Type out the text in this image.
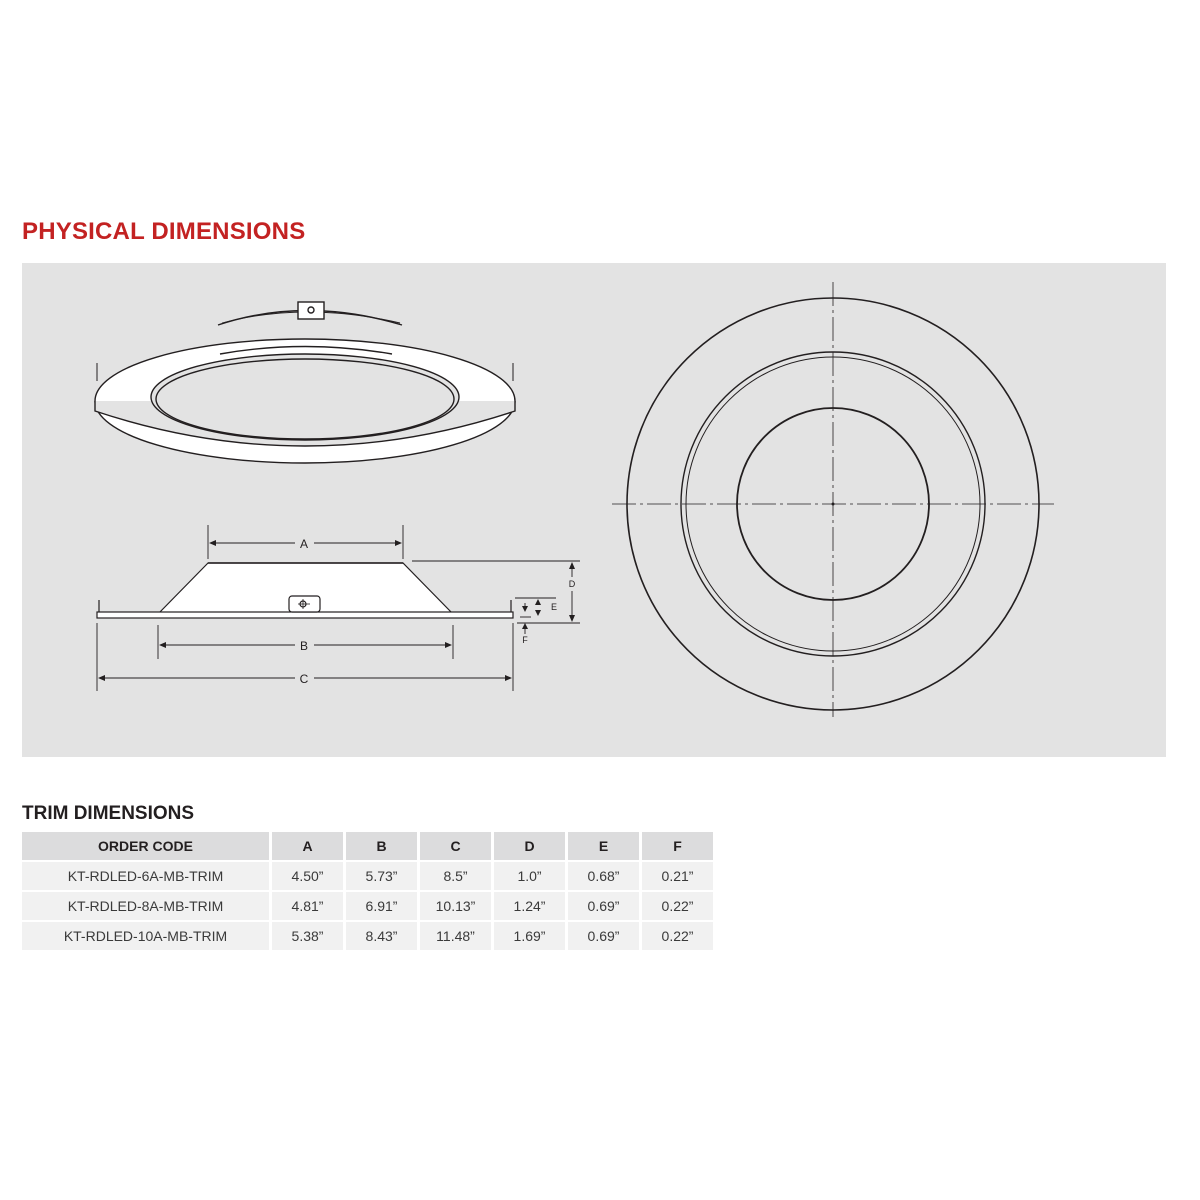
PHYSICAL DIMENSIONS
A
B
C
D
E
F
TRIM DIMENSIONS
ORDER CODE	A	B	C	D	E	F
KT-RDLED-6A-MB-TRIM	4.50”	5.73”	8.5”	1.0”	0.68”	0.21”
KT-RDLED-8A-MB-TRIM	4.81”	6.91”	10.13”	1.24”	0.69”	0.22”
KT-RDLED-10A-MB-TRIM	5.38”	8.43”	11.48”	1.69”	0.69”	0.22”
